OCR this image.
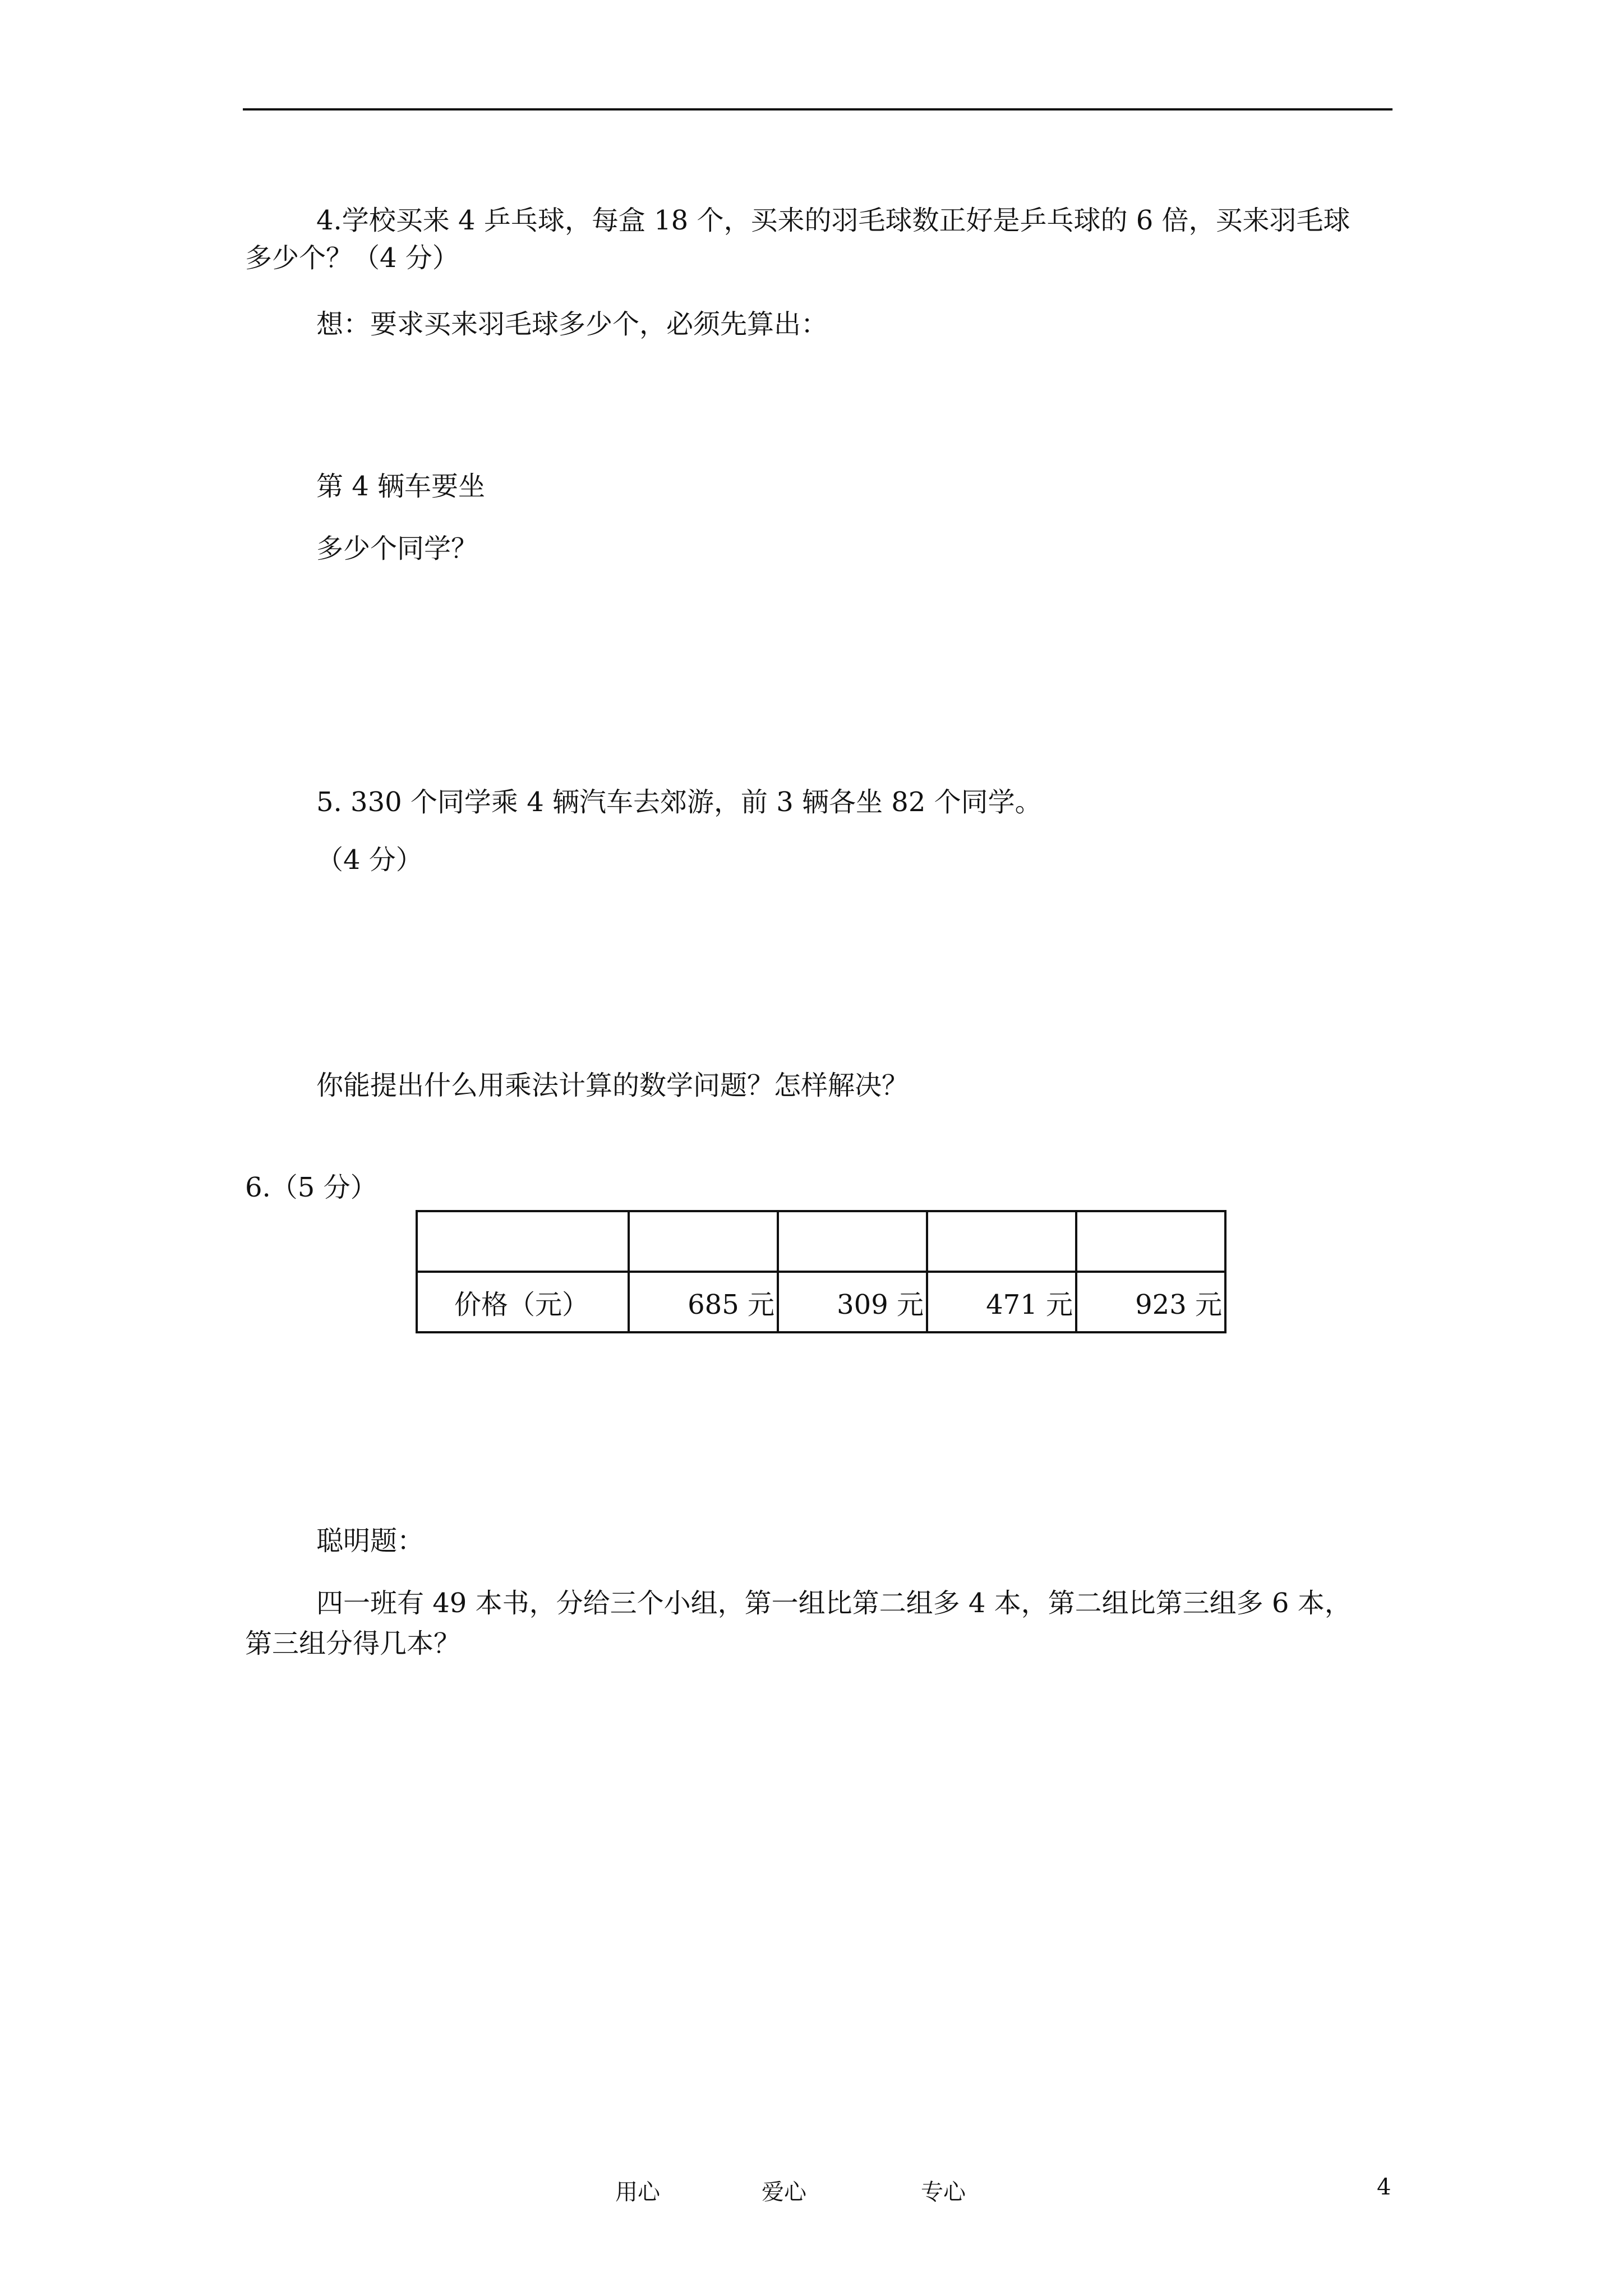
4.学校买来 4 乒乓球，每盒 18 个，买来的羽毛球数正好是乒乓球的 6 倍，买来羽毛球
多少个？（4 分）
想：要求买来羽毛球多少个，必须先算出：
第 4 辆车要坐
多少个同学？
5. 330 个同学乘 4 辆汽车去郊游，前 3 辆各坐 82 个同学。
（4 分）
你能提出什么用乘法计算的数学问题？怎样解决？
6.（5 分）

价格（元）	685 元	309 元	471 元	923 元
聪明题：
四一班有 49 本书，分给三个小组，第一组比第二组多 4 本，第二组比第三组多 6 本，
第三组分得几本？
用心	爱心	专心	4
